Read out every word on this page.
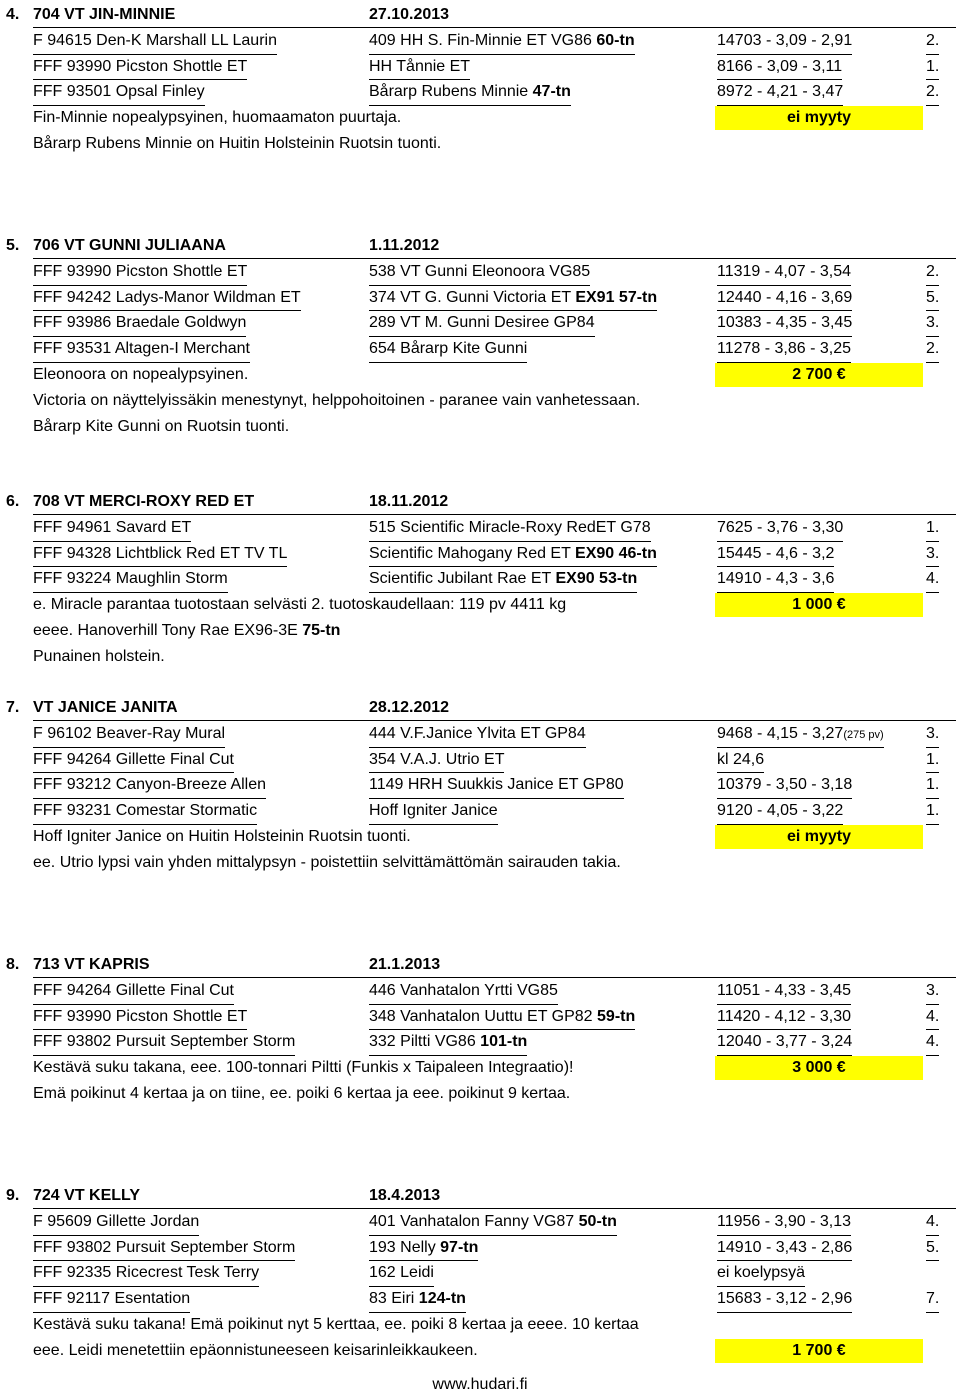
4. 704 VT JIN-MINNIE	27.10.2013
F 94615 Den-K Marshall LL Laurin	409 HH S. Fin-Minnie ET VG86 60-tn	14703 - 3,09 - 2,91	2.
FFF 93990 Picston Shottle ET	HH Tånnie ET	8166 - 3,09 - 3,11	1.
FFF 93501 Opsal Finley	Bårarp Rubens Minnie 47-tn	8972 - 4,21 - 3,47	2.
Fin-Minnie nopealypsyinen, huomaamaton puurtaja.	ei myyty
Bårarp Rubens Minnie on Huitin Holsteinin Ruotsin tuonti.
5. 706 VT GUNNI JULIAANA	1.11.2012
FFF 93990 Picston Shottle ET	538 VT Gunni Eleonoora VG85	11319 - 4,07 - 3,54	2.
FFF 94242 Ladys-Manor Wildman ET	374 VT G. Gunni Victoria ET EX91 57-tn	12440 - 4,16 - 3,69	5.
FFF 93986 Braedale Goldwyn	289 VT M. Gunni Desiree GP84	10383 - 4,35 - 3,45	3.
FFF 93531 Altagen-I Merchant	654 Bårarp Kite Gunni	11278 - 3,86 - 3,25	2.
Eleonoora on nopealypsyinen.	2 700 €
Victoria on näyttelyissäkin menestynyt, helppohoitoinen - paranee vain vanhetessaan.
Bårarp Kite Gunni on Ruotsin tuonti.
6. 708 VT MERCI-ROXY RED ET	18.11.2012
FFF 94961 Savard ET	515 Scientific Miracle-Roxy RedET G78	7625 - 3,76 - 3,30	1.
FFF 94328 Lichtblick Red ET TV TL	Scientific Mahogany Red ET EX90 46-tn	15445 - 4,6 - 3,2	3.
FFF 93224 Maughlin Storm	Scientific Jubilant Rae ET EX90 53-tn	14910 - 4,3 - 3,6	4.
e. Miracle parantaa tuotostaan selvästi 2. tuotoskaudellaan: 119 pv 4411 kg	1 000 €
eeee. Hanoverhill Tony Rae EX96-3E 75-tn
Punainen holstein.
7. VT JANICE JANITA	28.12.2012
F 96102 Beaver-Ray Mural	444 V.F.Janice Ylvita ET GP84	9468 - 4,15 - 3,27(275 pv)	3.
FFF 94264 Gillette Final Cut	354 V.A.J. Utrio ET	kl 24,6	1.
FFF 93212 Canyon-Breeze Allen	1149 HRH Suukkis Janice ET GP80	10379 - 3,50 - 3,18	1.
FFF 93231 Comestar Stormatic	Hoff Igniter Janice	9120 - 4,05 - 3,22	1.
Hoff Igniter Janice on Huitin Holsteinin Ruotsin tuonti.	ei myyty
ee. Utrio lypsi vain yhden mittalypsyn - poistettiin selvittämättömän sairauden takia.
8. 713 VT KAPRIS	21.1.2013
FFF 94264 Gillette Final Cut	446 Vanhatalon Yrtti VG85	11051 - 4,33 - 3,45	3.
FFF 93990 Picston Shottle ET	348 Vanhatalon Uuttu ET GP82 59-tn	11420 - 4,12 - 3,30	4.
FFF 93802 Pursuit September Storm	332 Piltti VG86 101-tn	12040 - 3,77 - 3,24	4.
Kestävä suku takana, eee. 100-tonnari Piltti (Funkis x Taipaleen Integraatio)!	3 000 €
Emä poikinut 4 kertaa ja on tiine, ee. poiki 6 kertaa ja eee. poikinut 9 kertaa.
9. 724 VT KELLY	18.4.2013
F 95609 Gillette Jordan	401 Vanhatalon Fanny VG87 50-tn	11956 - 3,90 - 3,13	4.
FFF 93802 Pursuit September Storm	193 Nelly 97-tn	14910 - 3,43 - 2,86	5.
FFF 92335 Ricecrest Tesk Terry	162 Leidi	ei koelypsyä
FFF 92117 Esentation	83 Eiri 124-tn	15683 - 3,12 - 2,96	7.
Kestävä suku takana! Emä poikinut nyt 5 kerttaa, ee. poiki 8 kertaa ja eeee. 10 kertaa
eee. Leidi menetettiin epäonnistuneeseen keisarinleikkaukeen.	1 700 €
www.hudari.fi
